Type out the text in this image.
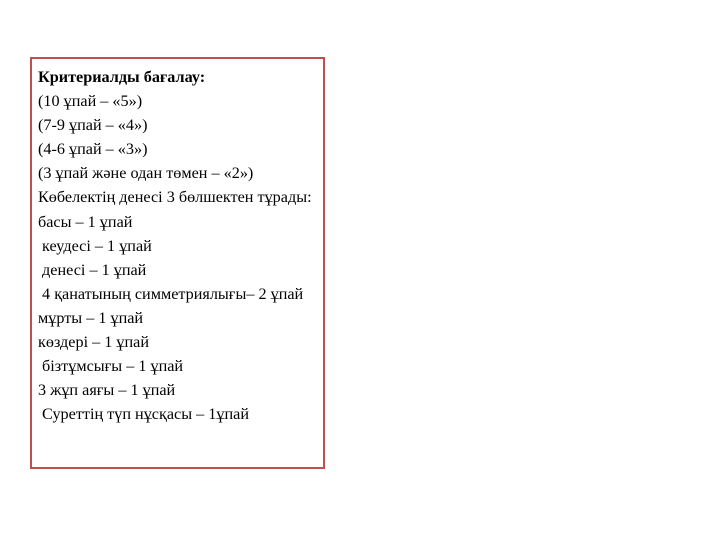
Критериалды бағалау:
(10 ұпай – «5»)
(7-9 ұпай – «4»)
(4-6 ұпай – «3»)
(3 ұпай және одан төмен – «2»)
Көбелектің денесі 3 бөлшектен тұрады:
басы – 1 ұпай
кеудесі – 1 ұпай
денесі – 1 ұпай
4 қанатының симметриялығы– 2 ұпай
мұрты – 1 ұпай
көздері – 1 ұпай
бізтұмсығы – 1 ұпай
3 жұп аяғы – 1 ұпай
Суреттің түп нұсқасы – 1ұпай
